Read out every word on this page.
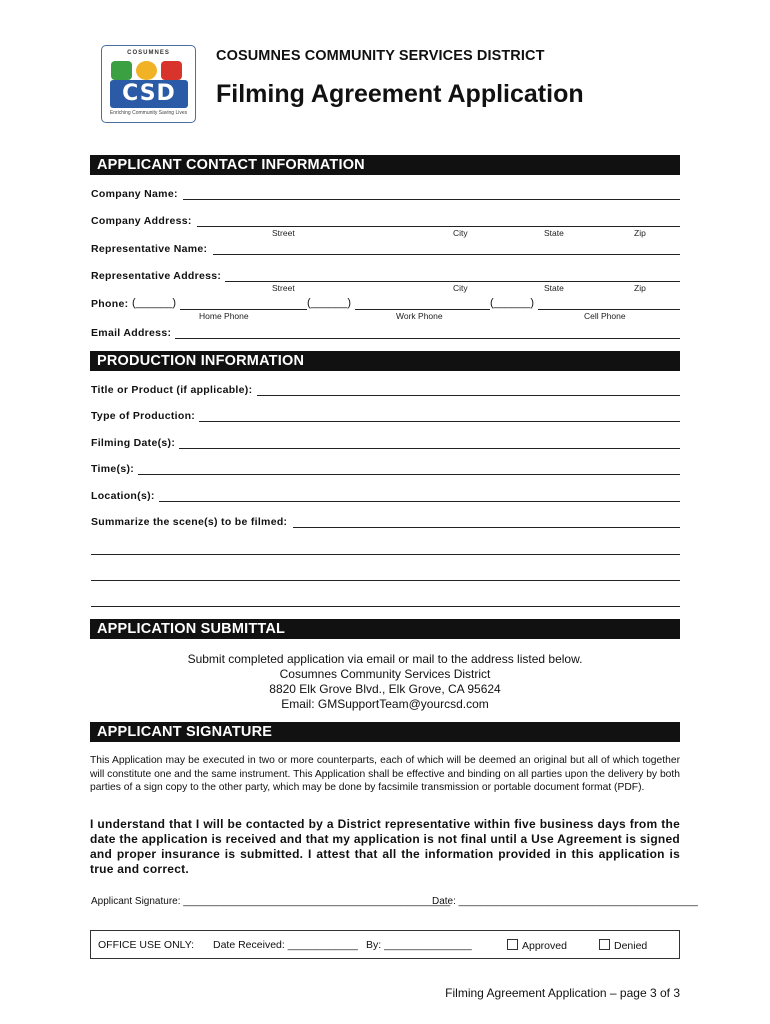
COSUMNES
CSD
Enriching Community Saving Lives
COSUMNES COMMUNITY SERVICES DISTRICT
Filming Agreement Application
APPLICANT CONTACT INFORMATION
Company Name:
Company Address:
Street	City	State	Zip
Representative Name:
Representative Address:
Street	City	State	Zip
Phone: (______)	(______)	(______)
Home Phone	Work Phone	Cell Phone
Email Address:
PRODUCTION INFORMATION
Title or Product (if applicable):
Type of Production:
Filming Date(s):
Time(s):
Location(s):
Summarize the scene(s) to be filmed:
APPLICATION SUBMITTAL
Submit completed application via email or mail to the address listed below.
Cosumnes Community Services District
8820 Elk Grove Blvd., Elk Grove, CA 95624
Email: GMSupportTeam@yourcsd.com
APPLICANT SIGNATURE
This Application may be executed in two or more counterparts, each of which will be deemed an original but all of which together will constitute one and the same instrument. This Application shall be effective and binding on all parties upon the delivery by both parties of a sign copy to the other party, which may be done by facsimile transmission or portable document format (PDF).
I understand that I will be contacted by a District representative within five business days from the date the application is received and that my application is not final until a Use Agreement is signed and proper insurance is submitted. I attest that all the information provided in this application is true and correct.
Applicant Signature: ________________________________________________
Date: ___________________________________________
OFFICE USE ONLY: Date Received: ____________ By: _______________	Approved	Denied
Filming Agreement Application – page 3 of 3
